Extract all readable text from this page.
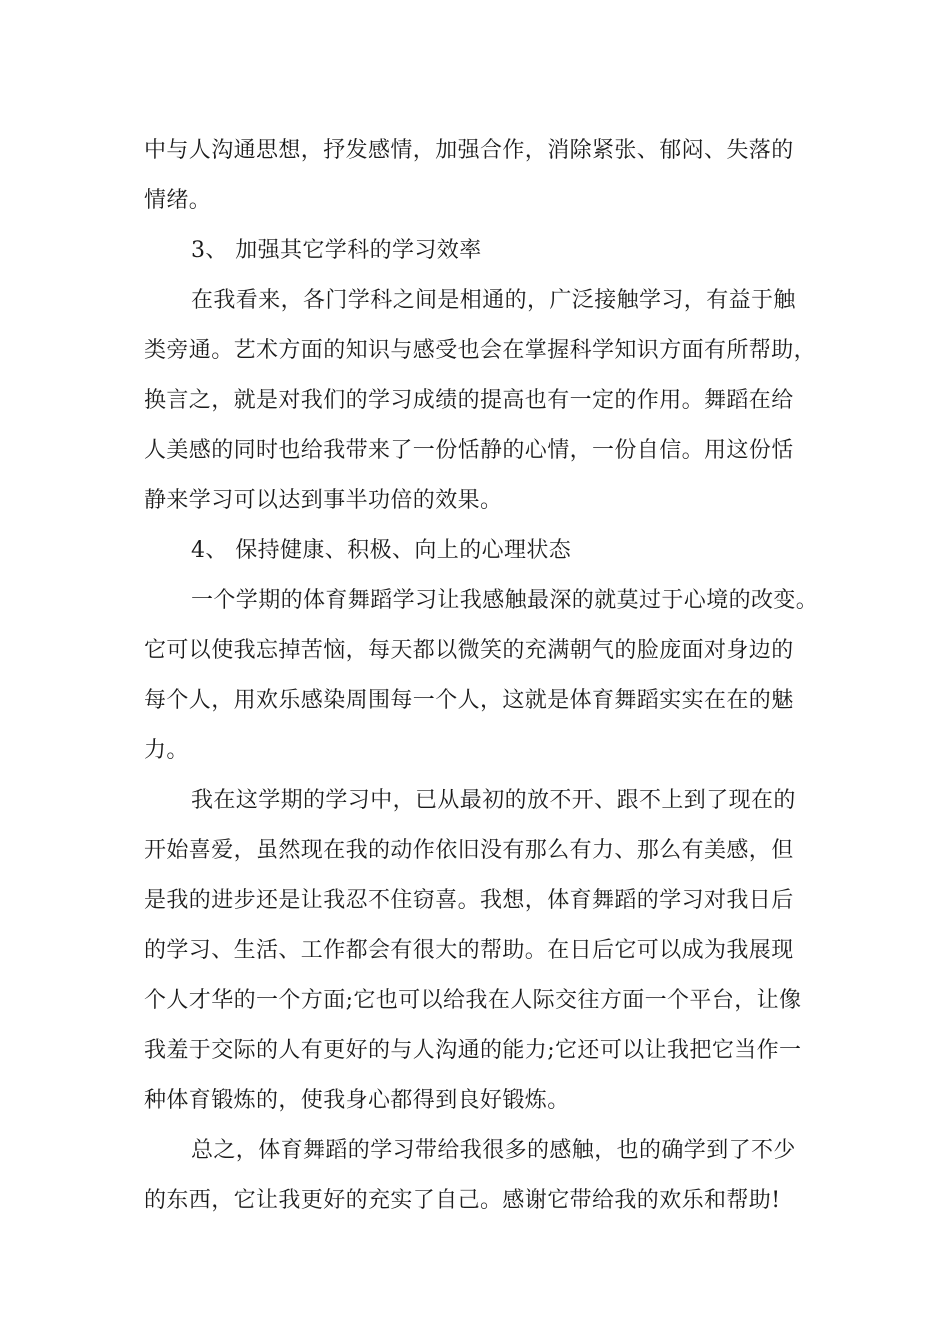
中与人沟通思想，抒发感情，加强合作，消除紧张、郁闷、失落的
情绪。
3、 加强其它学科的学习效率
在我看来，各门学科之间是相通的，广泛接触学习，有益于触
类旁通。艺术方面的知识与感受也会在掌握科学知识方面有所帮助，
换言之，就是对我们的学习成绩的提高也有一定的作用。舞蹈在给
人美感的同时也给我带来了一份恬静的心情，一份自信。用这份恬
静来学习可以达到事半功倍的效果。
4、 保持健康、积极、向上的心理状态
一个学期的体育舞蹈学习让我感触最深的就莫过于心境的改变。
它可以使我忘掉苦恼，每天都以微笑的充满朝气的脸庞面对身边的
每个人，用欢乐感染周围每一个人，这就是体育舞蹈实实在在的魅
力。
我在这学期的学习中，已从最初的放不开、跟不上到了现在的
开始喜爱，虽然现在我的动作依旧没有那么有力、那么有美感，但
是我的进步还是让我忍不住窃喜。我想，体育舞蹈的学习对我日后
的学习、生活、工作都会有很大的帮助。在日后它可以成为我展现
个人才华的一个方面;它也可以给我在人际交往方面一个平台，让像
我羞于交际的人有更好的与人沟通的能力;它还可以让我把它当作一
种体育锻炼的，使我身心都得到良好锻炼。
总之，体育舞蹈的学习带给我很多的感触，也的确学到了不少
的东西，它让我更好的充实了自己。感谢它带给我的欢乐和帮助!
